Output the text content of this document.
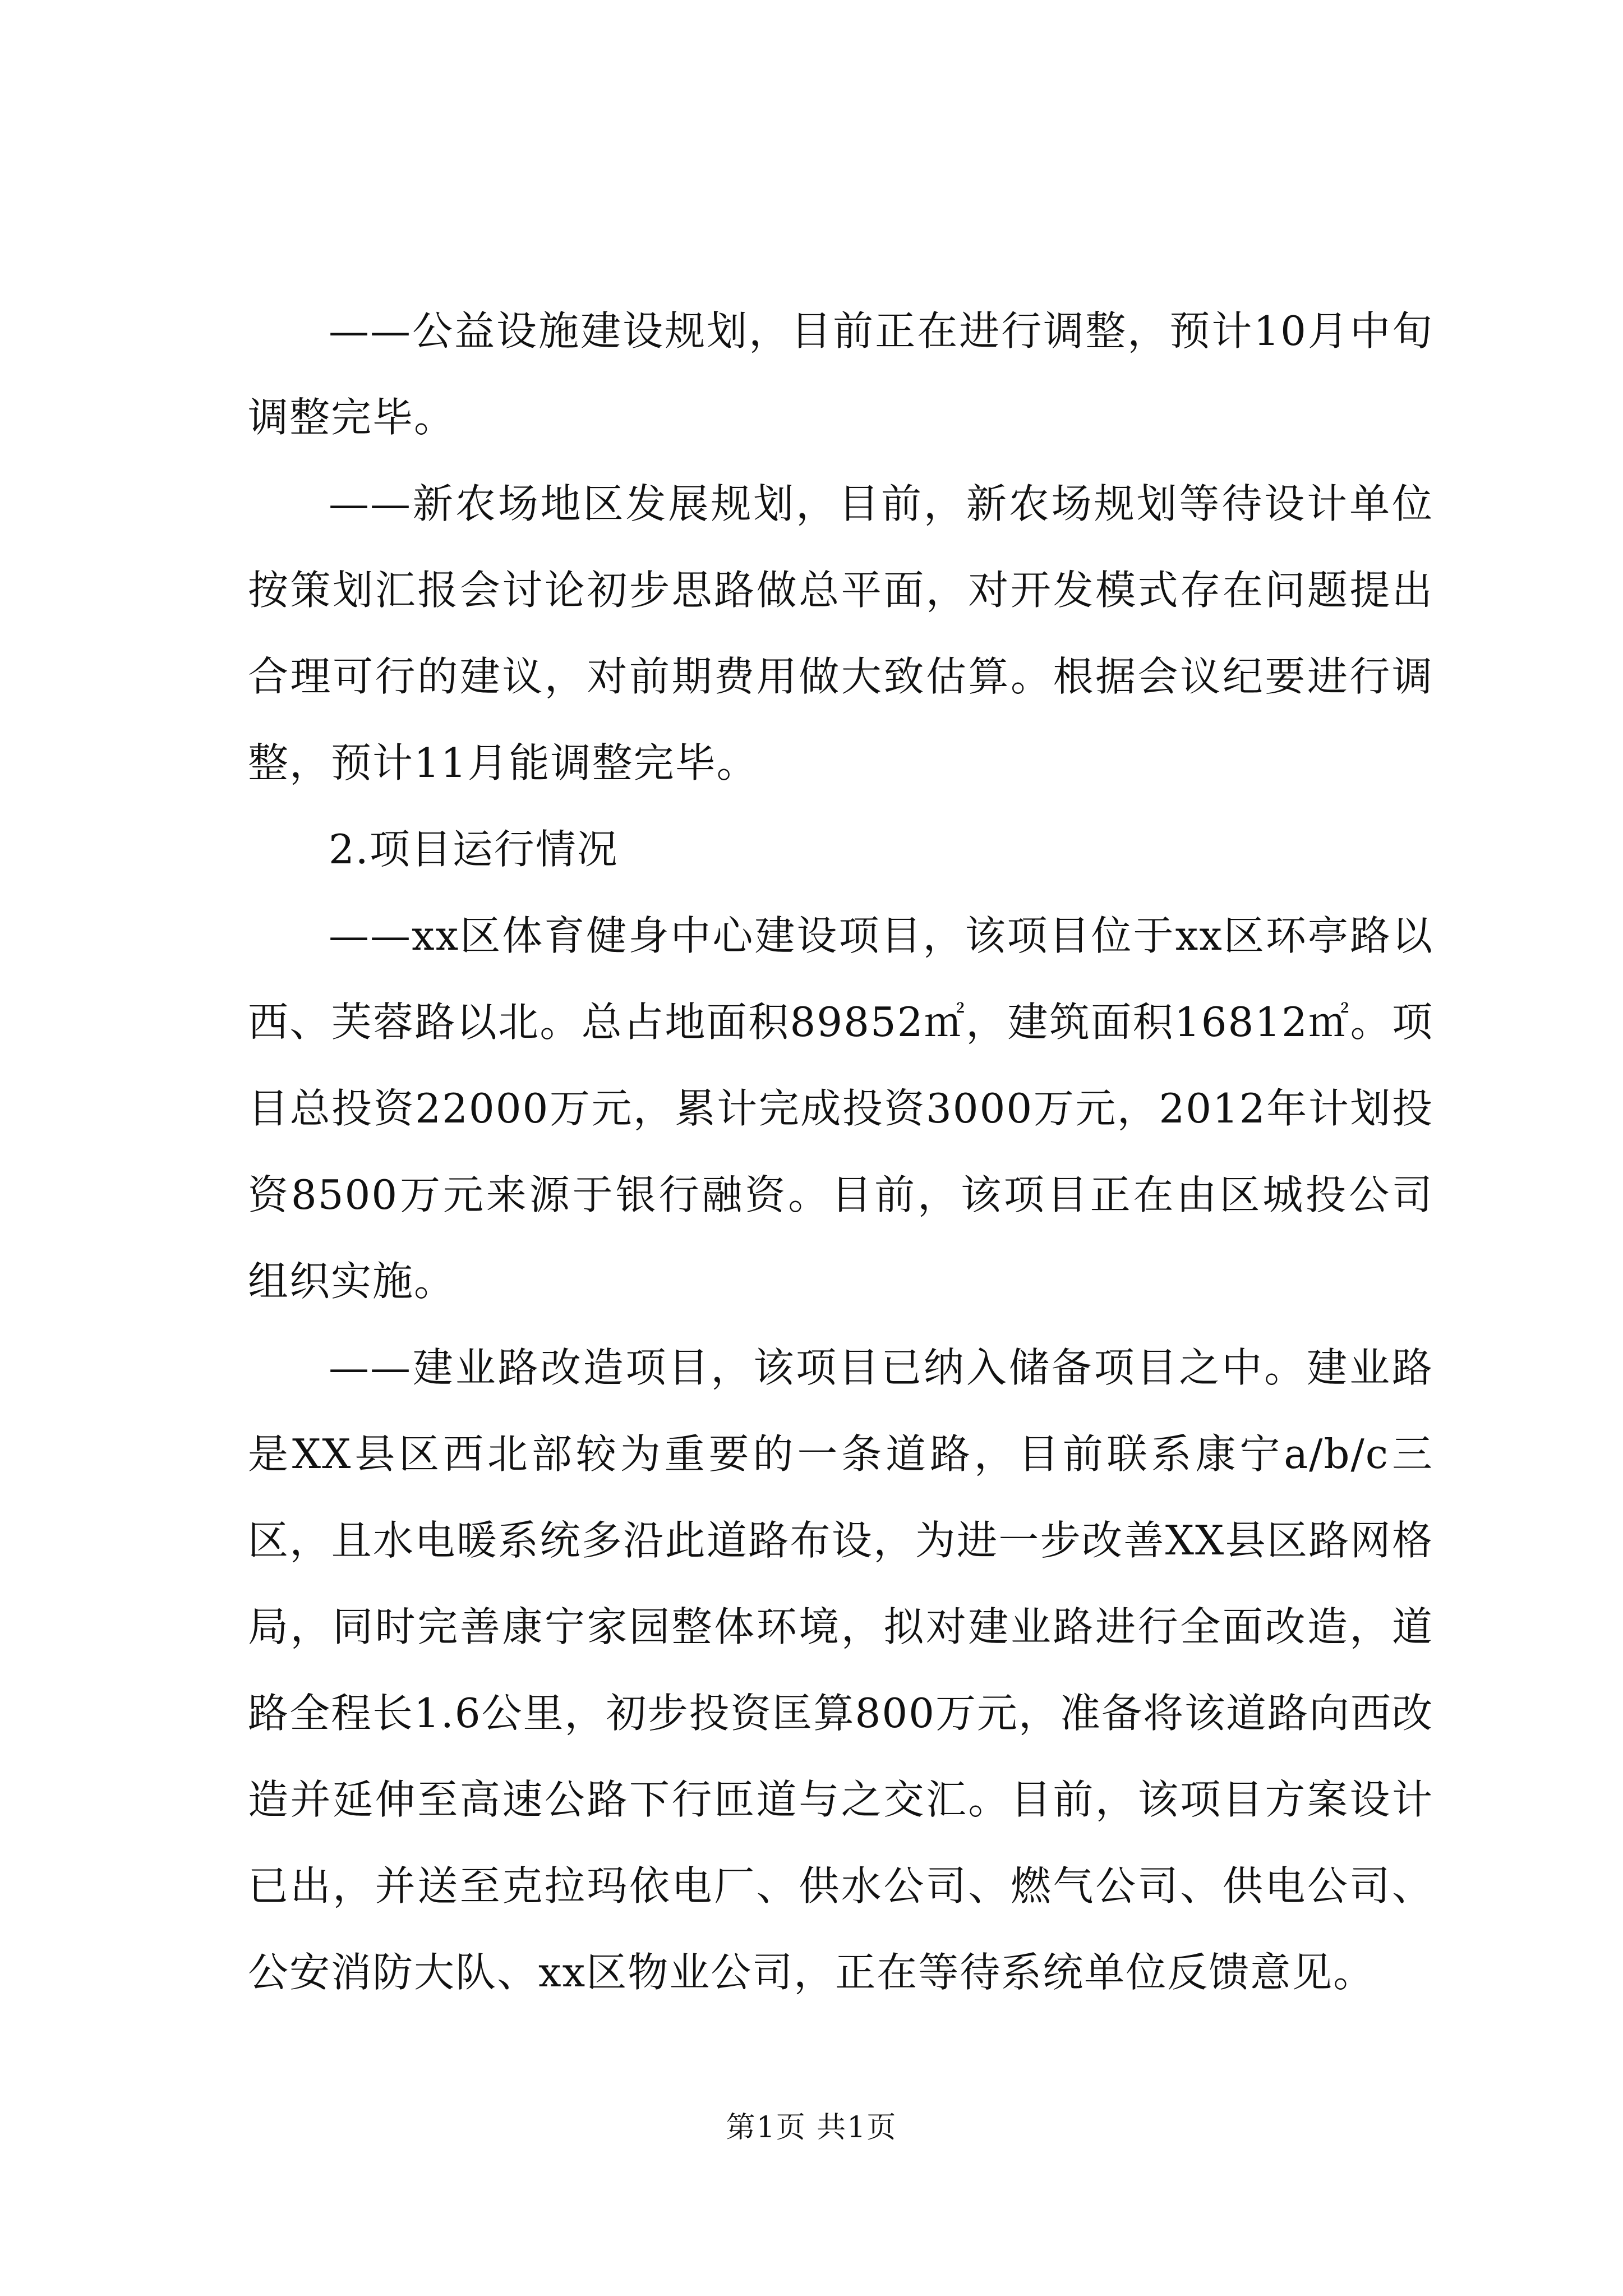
——公益设施建设规划，目前正在进行调整，预计10月中旬调整完毕。

——新农场地区发展规划，目前，新农场规划等待设计单位按策划汇报会讨论初步思路做总平面，对开发模式存在问题提出合理可行的建议，对前期费用做大致估算。根据会议纪要进行调整，预计11月能调整完毕。

2.项目运行情况

——xx区体育健身中心建设项目，该项目位于xx区环亭路以西、芙蓉路以北。总占地面积89852㎡，建筑面积16812㎡。项目总投资22000万元，累计完成投资3000万元，2012年计划投资8500万元来源于银行融资。目前，该项目正在由区城投公司组织实施。

——建业路改造项目，该项目已纳入储备项目之中。建业路是XX县区西北部较为重要的一条道路，目前联系康宁a/b/c三区，且水电暖系统多沿此道路布设，为进一步改善XX县区路网格局，同时完善康宁家园整体环境，拟对建业路进行全面改造，道路全程长1.6公里，初步投资匡算800万元，准备将该道路向西改造并延伸至高速公路下行匝道与之交汇。目前，该项目方案设计已出，并送至克拉玛依电厂、供水公司、燃气公司、供电公司、公安消防大队、xx区物业公司，正在等待系统单位反馈意见。

第1页 共1页
